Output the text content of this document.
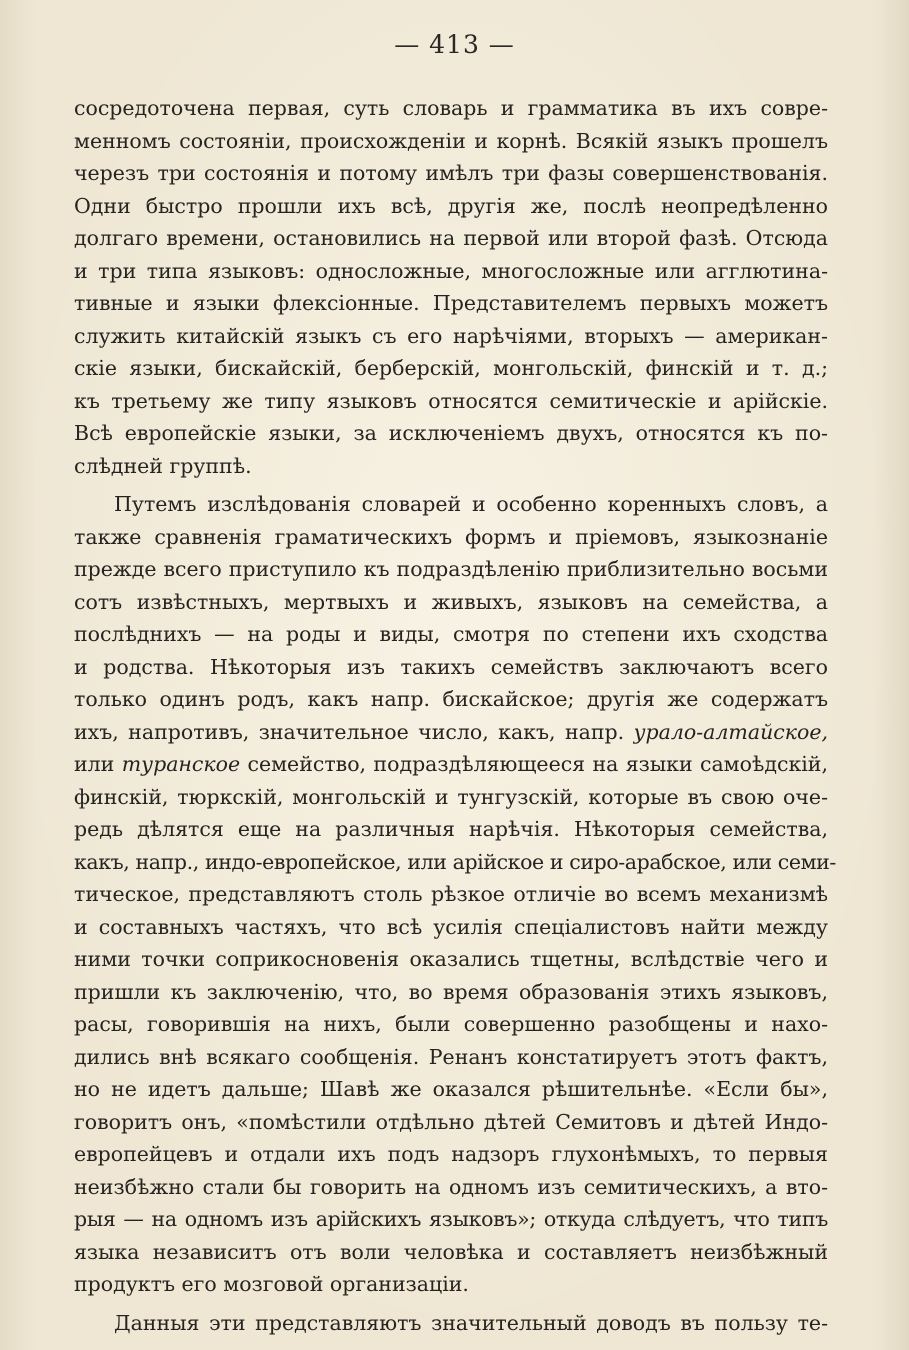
— 413 —
сосредоточена первая, суть словарь и грамматика въ ихъ совре-
менномъ состоянiи, происхожденiи и корнѣ. Всякiй языкъ прошелъ
черезъ три состоянiя и потому имѣлъ три фазы совершенствованiя.
Одни быстро прошли ихъ всѣ, другiя же, послѣ неопредѣленно
долгаго времени, остановились на первой или второй фазѣ. Отсюда
и три типа языковъ: односложные, многосложные или агглютина-
тивные и языки флексiонные. Представителемъ первыхъ можетъ
служить китайскiй языкъ съ его нарѣчiями, вторыхъ — американ-
скiе языки, бискайскiй, берберскiй, монгольскiй, финскiй и т. д.;
къ третьему же типу языковъ относятся семитическiе и арiйскiе.
Всѣ европейскiе языки, за исключенiемъ двухъ, относятся къ по-
слѣдней группѣ.
Путемъ изслѣдованiя словарей и особенно коренныхъ словъ, а
также сравненiя граматическихъ формъ и прiемовъ, языкознанiе
прежде всего приступило къ подраздѣленiю приблизительно восьми
сотъ извѣстныхъ, мертвыхъ и живыхъ, языковъ на семейства, а
послѣднихъ — на роды и виды, смотря по степени ихъ сходства
и родства. Нѣкоторыя изъ такихъ семействъ заключаютъ всего
только одинъ родъ, какъ напр. бискайское; другiя же содержатъ
ихъ, напротивъ, значительное число, какъ, напр. урало-алтайское,
или туранское семейство, подраздѣляющееся на языки самоѣдскiй,
финскiй, тюркскiй, монгольскiй и тунгузскiй, которые въ свою оче-
редь дѣлятся еще на различныя нарѣчiя. Нѣкоторыя семейства,
какъ, напр., индо-европейское, или арiйское и сиро-арабское, или семи-
тическое, представляютъ столь рѣзкое отличiе во всемъ механизмѣ
и составныхъ частяхъ, что всѣ усилiя спецiалистовъ найти между
ними точки соприкосновенiя оказались тщетны, вслѣдствiе чего и
пришли къ заключенiю, что, во время образованiя этихъ языковъ,
расы, говорившiя на нихъ, были совершенно разобщены и нахо-
дились внѣ всякаго сообщенiя. Ренанъ констатируетъ этотъ фактъ,
но не идетъ дальше; Шавѣ же оказался рѣшительнѣе. «Если бы»,
говоритъ онъ, «помѣстили отдѣльно дѣтей Семитовъ и дѣтей Индо-
европейцевъ и отдали ихъ подъ надзоръ глухонѣмыхъ, то первыя
неизбѣжно стали бы говорить на одномъ изъ семитическихъ, а вто-
рыя — на одномъ изъ арiйскихъ языковъ»; откуда слѣдуетъ, что типъ
языка независитъ отъ воли человѣка и составляетъ неизбѣжный
продуктъ его мозговой организацiи.
Данныя эти представляютъ значительный доводъ въ пользу те-
